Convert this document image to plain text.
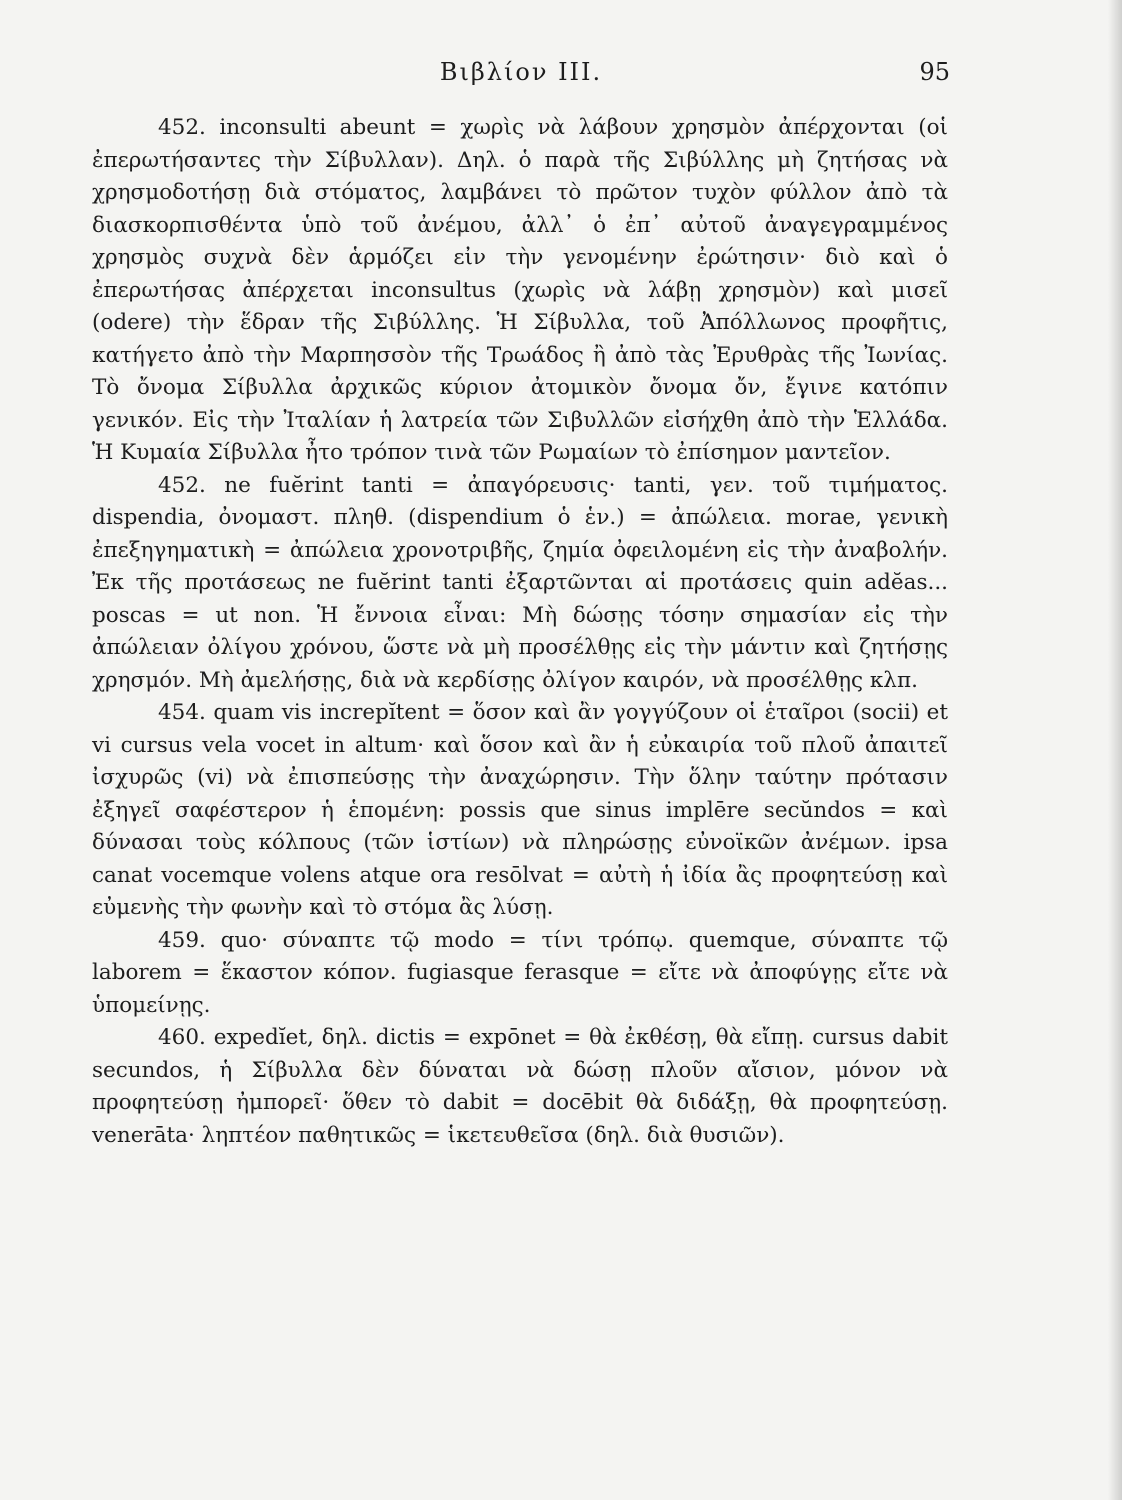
Βιβλίον III.	95

452. inconsulti abeunt = χωρὶς νὰ λάβουν χρησμὸν ἀπέρχονται (οἱ ἐπερωτήσαντες τὴν Σίβυλλαν). Δηλ. ὁ παρὰ τῆς Σιβύλλης μὴ ζητήσας νὰ χρησμοδοτήσῃ διὰ στόματος, λαμβάνει τὸ πρῶτον τυχὸν φύλλον ἀπὸ τὰ διασκορπισθέντα ὑπὸ τοῦ ἀνέμου, ἀλλ᾽ ὁ ἐπ᾽ αὐτοῦ ἀναγεγραμμένος χρησμὸς συχνὰ δὲν ἁρμόζει εἰν τὴν γενομένην ἐρώτησιν· διὸ καὶ ὁ ἐπερωτήσας ἀπέρχεται inconsultus (χωρὶς νὰ λάβῃ χρησμὸν) καὶ μισεῖ (odere) τὴν ἕδραν τῆς Σιβύλλης. Ἡ Σίβυλλα, τοῦ Ἀπόλλωνος προφῆτις, κατήγετο ἀπὸ τὴν Μαρπησσὸν τῆς Τρωάδος ἢ ἀπὸ τὰς Ἐρυθρὰς τῆς Ἰωνίας. Τὸ ὄνομα Σίβυλλα ἀρχικῶς κύριον ἀτομικὸν ὄνομα ὄν, ἔγινε κατόπιν γενικόν. Εἰς τὴν Ἰταλίαν ἡ λατρεία τῶν Σιβυλλῶν εἰσήχθη ἀπὸ τὴν Ἑλλάδα. Ἡ Κυμαία Σίβυλλα ἦτο τρόπον τινὰ τῶν Ρωμαίων τὸ ἐπίσημον μαντεῖον.

452. ne fuĕrint tanti = ἀπαγόρευσις· tanti, γεν. τοῦ τιμήματος. dispendia, ὀνομαστ. πληθ. (dispendium ὁ ἑν.) = ἀπώλεια. morae, γενικὴ ἐπεξηγηματικὴ = ἀπώλεια χρονοτριβῆς, ζημία ὀφειλομένη εἰς τὴν ἀναβολήν. Ἐκ τῆς προτάσεως ne fuĕrint tanti ἐξαρτῶνται αἱ προτάσεις quin adĕas... poscas = ut non. Ἡ ἔννοια εἶναι: Μὴ δώσῃς τόσην σημασίαν εἰς τὴν ἀπώλειαν ὀλίγου χρόνου, ὥστε νὰ μὴ προσέλθῃς εἰς τὴν μάντιν καὶ ζητήσῃς χρησμόν. Μὴ ἀμελήσῃς, διὰ νὰ κερδίσῃς ὀλίγον καιρόν, νὰ προσέλθῃς κλπ.

454. quam vis increpĭtent = ὅσον καὶ ἂν γογγύζουν οἱ ἑταῖροι (socii) et vi cursus vela vocet in altum· καὶ ὅσον καὶ ἂν ἡ εὐκαιρία τοῦ πλοῦ ἀπαιτεῖ ἰσχυρῶς (vi) νὰ ἐπισπεύσῃς τὴν ἀναχώρησιν. Τὴν ὅλην ταύτην πρότασιν ἐξηγεῖ σαφέστερον ἡ ἑπομένη: possis que sinus implēre secŭndos = καὶ δύνασαι τοὺς κόλπους (τῶν ἱστίων) νὰ πληρώσῃς εὐνοϊκῶν ἀνέμων. ipsa canat vocemque volens atque ora resōlvat = αὐτὴ ἡ ἰδία ἂς προφητεύσῃ καὶ εὐμενὴς τὴν φωνὴν καὶ τὸ στόμα ἂς λύσῃ.

459. quo· σύναπτε τῷ modo = τίνι τρόπῳ. quemque, σύναπτε τῷ laborem = ἕκαστον κόπον. fugiasque ferasque = εἴτε νὰ ἀποφύγῃς εἴτε νὰ ὑπομείνῃς.

460. expedĭet, δηλ. dictis = expōnet = θὰ ἐκθέσῃ, θὰ εἴπῃ. cursus dabit secundos, ἡ Σίβυλλα δὲν δύναται νὰ δώσῃ πλοῦν αἴσιον, μόνον νὰ προφητεύσῃ ἠμπορεῖ· ὅθεν τὸ dabit = docēbit θὰ διδάξῃ, θὰ προφητεύσῃ. venerāta· ληπτέον παθητικῶς = ἱκετευθεῖσα (δηλ. διὰ θυσιῶν).
